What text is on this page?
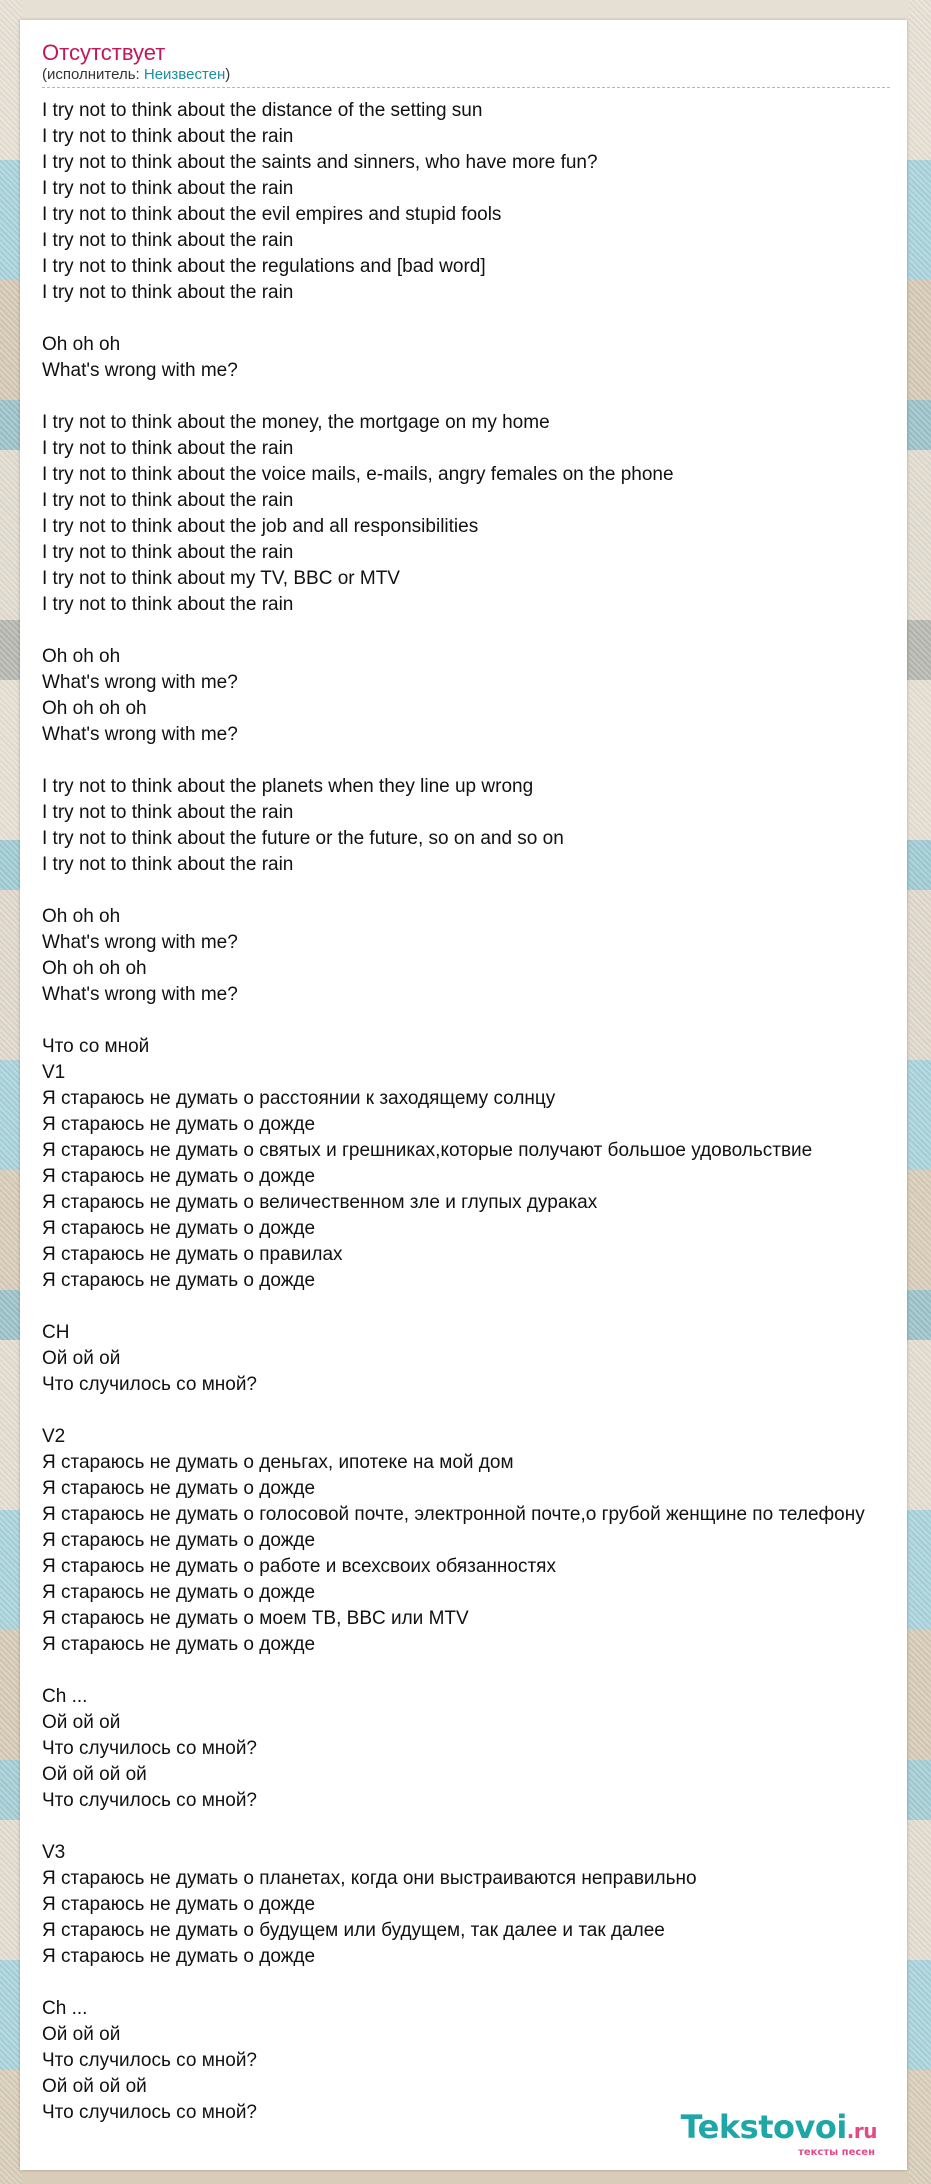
Отсутствует
(исполнитель: Неизвестен)
I try not to think about the distance of the setting sun
I try not to think about the rain
I try not to think about the saints and sinners, who have more fun?
I try not to think about the rain
I try not to think about the evil empires and stupid fools
I try not to think about the rain
I try not to think about the regulations and [bad word]
I try not to think about the rain
Oh oh oh
What's wrong with me?
I try not to think about the money, the mortgage on my home
I try not to think about the rain
I try not to think about the voice mails, e-mails, angry females on the phone
I try not to think about the rain
I try not to think about the job and all responsibilities
I try not to think about the rain
I try not to think about my TV, BBC or MTV
I try not to think about the rain
Oh oh oh
What's wrong with me?
Oh oh oh oh
What's wrong with me?
I try not to think about the planets when they line up wrong
I try not to think about the rain
I try not to think about the future or the future, so on and so on
I try not to think about the rain
Oh oh oh
What's wrong with me?
Oh oh oh oh
What's wrong with me?
Что со мной
V1
Я стараюсь не думать о расстоянии к заходящему солнцу
Я стараюсь не думать о дожде
Я стараюсь не думать о святых и грешниках,которые получают большое удовольствие
Я стараюсь не думать о дожде
Я стараюсь не думать о величественном зле и глупых дураках
Я стараюсь не думать о дожде
Я стараюсь не думать о правилах
Я стараюсь не думать о дожде
CH
Ой ой ой
Что случилось со мной?
V2
Я стараюсь не думать о деньгах, ипотеке на мой дом
Я стараюсь не думать о дожде
Я стараюсь не думать о голосовой почте, электронной почте,о грубой женщине по телефону
Я стараюсь не думать о дожде
Я стараюсь не думать о работе и всехсвоих обязанностях
Я стараюсь не думать о дожде
Я стараюсь не думать о моем ТВ, BBC или MTV
Я стараюсь не думать о дожде
Ch ...
Ой ой ой
Что случилось со мной?
Ой ой ой ой
Что случилось со мной?
V3
Я стараюсь не думать о планетах, когда они выстраиваются неправильно
Я стараюсь не думать о дожде
Я стараюсь не думать о будущем или будущем, так далее и так далее
Я стараюсь не думать о дожде
Ch ...
Ой ой ой
Что случилось со мной?
Ой ой ой ой
Что случилось со мной?	Tekstovoi.ru
тексты песен
